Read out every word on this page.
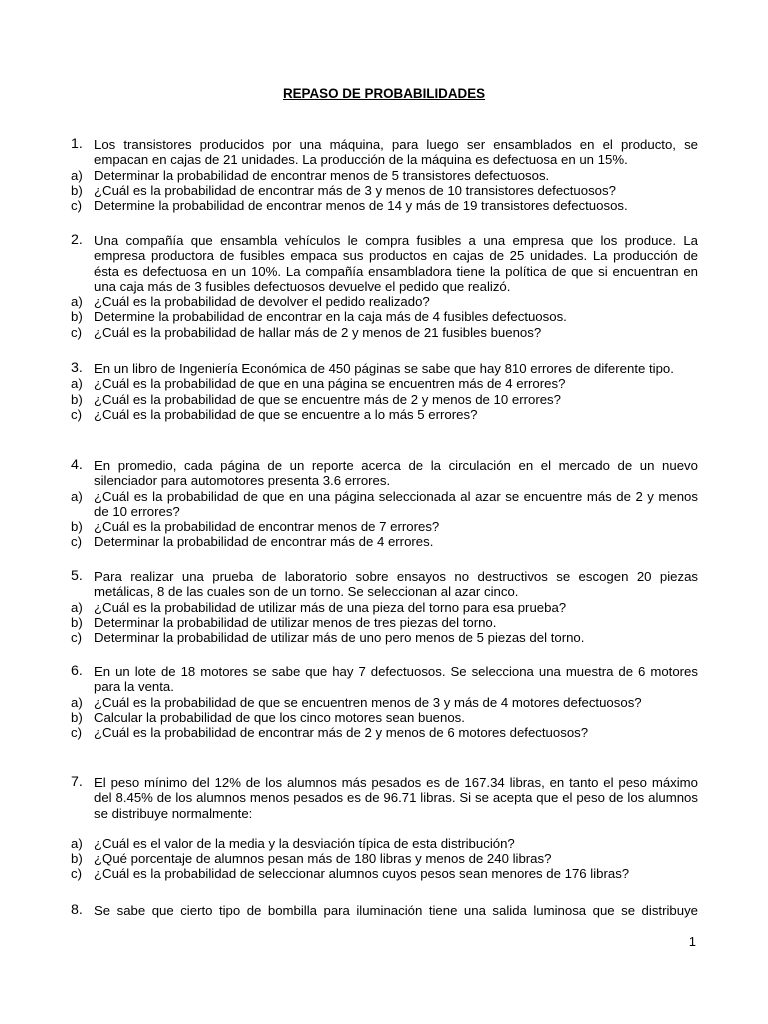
REPASO DE PROBABILIDADES
1. Los transistores producidos por una máquina, para luego ser ensamblados en el producto, se empacan en cajas de 21 unidades. La producción de la máquina es defectuosa en un 15%.
a) Determinar la probabilidad de encontrar menos de 5 transistores defectuosos.
b) ¿Cuál es la probabilidad de encontrar más de 3 y menos de 10 transistores defectuosos?
c) Determine la probabilidad de encontrar menos de 14 y más de 19 transistores defectuosos.
2. Una compañía que ensambla vehículos le compra fusibles a una empresa que los produce. La empresa productora de fusibles empaca sus productos en cajas de 25 unidades. La producción de ésta es defectuosa en un 10%. La compañía ensambladora tiene la política de que si encuentran en una caja más de 3 fusibles defectuosos devuelve el pedido que realizó.
a) ¿Cuál es la probabilidad de devolver el pedido realizado?
b) Determine la probabilidad de encontrar en la caja más de 4 fusibles defectuosos.
c) ¿Cuál es la probabilidad de hallar más de 2 y menos de 21 fusibles buenos?
3. En un libro de Ingeniería Económica de 450 páginas se sabe que hay 810 errores de diferente tipo.
a) ¿Cuál es la probabilidad de que en una página se encuentren más de 4 errores?
b) ¿Cuál es la probabilidad de que se encuentre más de 2 y menos de 10 errores?
c) ¿Cuál es la probabilidad de que se encuentre a lo más 5 errores?
4. En promedio, cada página de un reporte acerca de la circulación en el mercado de un nuevo silenciador para automotores presenta 3.6 errores.
a) ¿Cuál es la probabilidad de que en una página seleccionada al azar se encuentre más de 2 y menos de 10 errores?
b) ¿Cuál es la probabilidad de encontrar menos de 7 errores?
c) Determinar la probabilidad de encontrar más de 4 errores.
5. Para realizar una prueba de laboratorio sobre ensayos no destructivos se escogen 20 piezas metálicas, 8 de las cuales son de un torno. Se seleccionan al azar cinco.
a) ¿Cuál es la probabilidad de utilizar más de una pieza del torno para esa prueba?
b) Determinar la probabilidad de utilizar menos de tres piezas del torno.
c) Determinar la probabilidad de utilizar más de uno pero menos de 5 piezas del torno.
6. En un lote de 18 motores se sabe que hay 7 defectuosos. Se selecciona una muestra de 6 motores para la venta.
a) ¿Cuál es la probabilidad de que se encuentren menos de 3 y más de 4 motores defectuosos?
b) Calcular la probabilidad de que los cinco motores sean buenos.
c) ¿Cuál es la probabilidad de encontrar más de 2 y menos de 6 motores defectuosos?
7. El peso mínimo del 12% de los alumnos más pesados es de 167.34 libras, en tanto el peso máximo del 8.45% de los alumnos menos pesados es de 96.71 libras. Si se acepta que el peso de los alumnos se distribuye normalmente:
a) ¿Cuál es el valor de la media y la desviación típica de esta distribución?
b) ¿Qué porcentaje de alumnos pesan más de 180 libras y menos de 240 libras?
c) ¿Cuál es la probabilidad de seleccionar alumnos cuyos pesos sean menores de 176 libras?
8. Se sabe que cierto tipo de bombilla para iluminación tiene una salida luminosa que se distribuye
1
